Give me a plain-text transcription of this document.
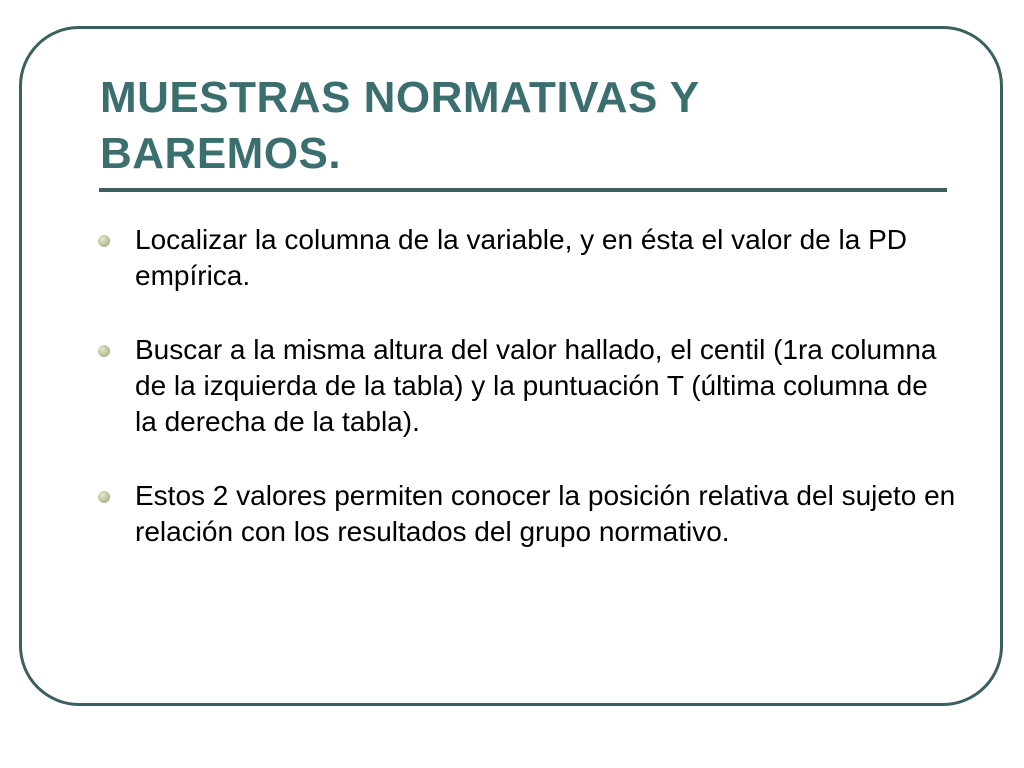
MUESTRAS NORMATIVAS Y BAREMOS.
Localizar la columna de la variable, y en ésta el valor de la PD empírica.
Buscar a la misma altura del valor hallado, el centil (1ra columna de la izquierda de la tabla) y la puntuación T (última columna de la derecha de la tabla).
Estos 2 valores permiten conocer la posición relativa del sujeto en relación con los resultados del grupo normativo.
